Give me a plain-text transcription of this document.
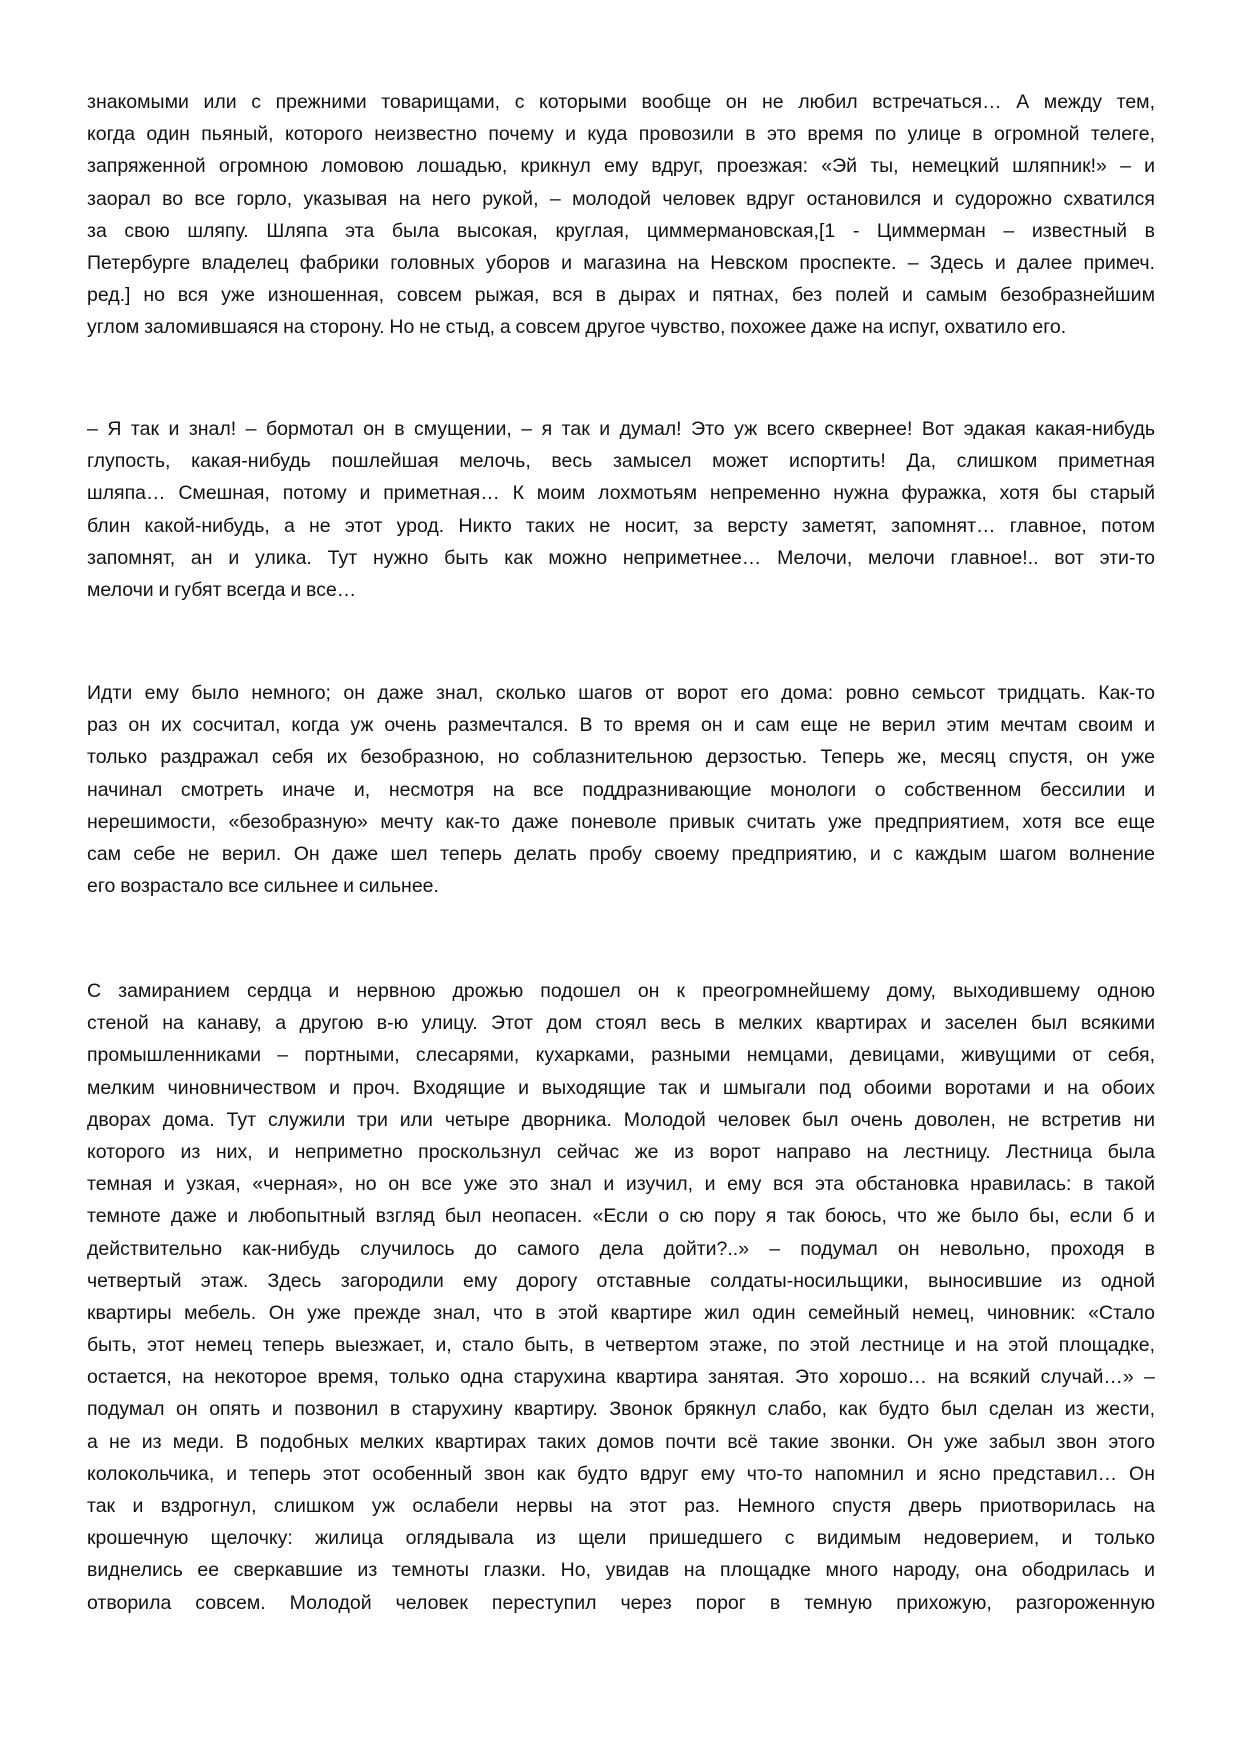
знакомыми или с прежними товарищами, с которыми вообще он не любил встречаться… А между тем,
когда один пьяный, которого неизвестно почему и куда провозили в это время по улице в огромной телеге,
запряженной огромною ломовою лошадью, крикнул ему вдруг, проезжая: «Эй ты, немецкий шляпник!» – и
заорал во все горло, указывая на него рукой, – молодой человек вдруг остановился и судорожно схватился
за свою шляпу. Шляпа эта была высокая, круглая, циммермановская,[1 - Циммерман – известный в
Петербурге владелец фабрики головных уборов и магазина на Невском проспекте. – Здесь и далее примеч.
ред.] но вся уже изношенная, совсем рыжая, вся в дырах и пятнах, без полей и самым безобразнейшим
углом заломившаяся на сторону. Но не стыд, а совсем другое чувство, похожее даже на испуг, охватило его.
– Я так и знал! – бормотал он в смущении, – я так и думал! Это уж всего сквернее! Вот эдакая какая-нибудь
глупость, какая-нибудь пошлейшая мелочь, весь замысел может испортить! Да, слишком приметная
шляпа… Смешная, потому и приметная… К моим лохмотьям непременно нужна фуражка, хотя бы старый
блин какой-нибудь, а не этот урод. Никто таких не носит, за версту заметят, запомнят… главное, потом
запомнят, ан и улика. Тут нужно быть как можно неприметнее… Мелочи, мелочи главное!.. вот эти-то
мелочи и губят всегда и все…
Идти ему было немного; он даже знал, сколько шагов от ворот его дома: ровно семьсот тридцать. Как-то
раз он их сосчитал, когда уж очень размечтался. В то время он и сам еще не верил этим мечтам своим и
только раздражал себя их безобразною, но соблазнительною дерзостью. Теперь же, месяц спустя, он уже
начинал смотреть иначе и, несмотря на все поддразнивающие монологи о собственном бессилии и
нерешимости, «безобразную» мечту как-то даже поневоле привык считать уже предприятием, хотя все еще
сам себе не верил. Он даже шел теперь делать пробу своему предприятию, и с каждым шагом волнение
его возрастало все сильнее и сильнее.
С замиранием сердца и нервною дрожью подошел он к преогромнейшему дому, выходившему одною
стеной на канаву, а другою в-ю улицу. Этот дом стоял весь в мелких квартирах и заселен был всякими
промышленниками – портными, слесарями, кухарками, разными немцами, девицами, живущими от себя,
мелким чиновничеством и проч. Входящие и выходящие так и шмыгали под обоими воротами и на обоих
дворах дома. Тут служили три или четыре дворника. Молодой человек был очень доволен, не встретив ни
которого из них, и неприметно проскользнул сейчас же из ворот направо на лестницу. Лестница была
темная и узкая, «черная», но он все уже это знал и изучил, и ему вся эта обстановка нравилась: в такой
темноте даже и любопытный взгляд был неопасен. «Если о сю пору я так боюсь, что же было бы, если б и
действительно как-нибудь случилось до самого дела дойти?..» – подумал он невольно, проходя в
четвертый этаж. Здесь загородили ему дорогу отставные солдаты-носильщики, выносившие из одной
квартиры мебель. Он уже прежде знал, что в этой квартире жил один семейный немец, чиновник: «Стало
быть, этот немец теперь выезжает, и, стало быть, в четвертом этаже, по этой лестнице и на этой площадке,
остается, на некоторое время, только одна старухина квартира занятая. Это хорошо… на всякий случай…» –
подумал он опять и позвонил в старухину квартиру. Звонок брякнул слабо, как будто был сделан из жести,
а не из меди. В подобных мелких квартирах таких домов почти всё такие звонки. Он уже забыл звон этого
колокольчика, и теперь этот особенный звон как будто вдруг ему что-то напомнил и ясно представил… Он
так и вздрогнул, слишком уж ослабели нервы на этот раз. Немного спустя дверь приотворилась на
крошечную щелочку: жилица оглядывала из щели пришедшего с видимым недоверием, и только
виднелись ее сверкавшие из темноты глазки. Но, увидав на площадке много народу, она ободрилась и
отворила совсем. Молодой человек переступил через порог в темную прихожую, разгороженную
